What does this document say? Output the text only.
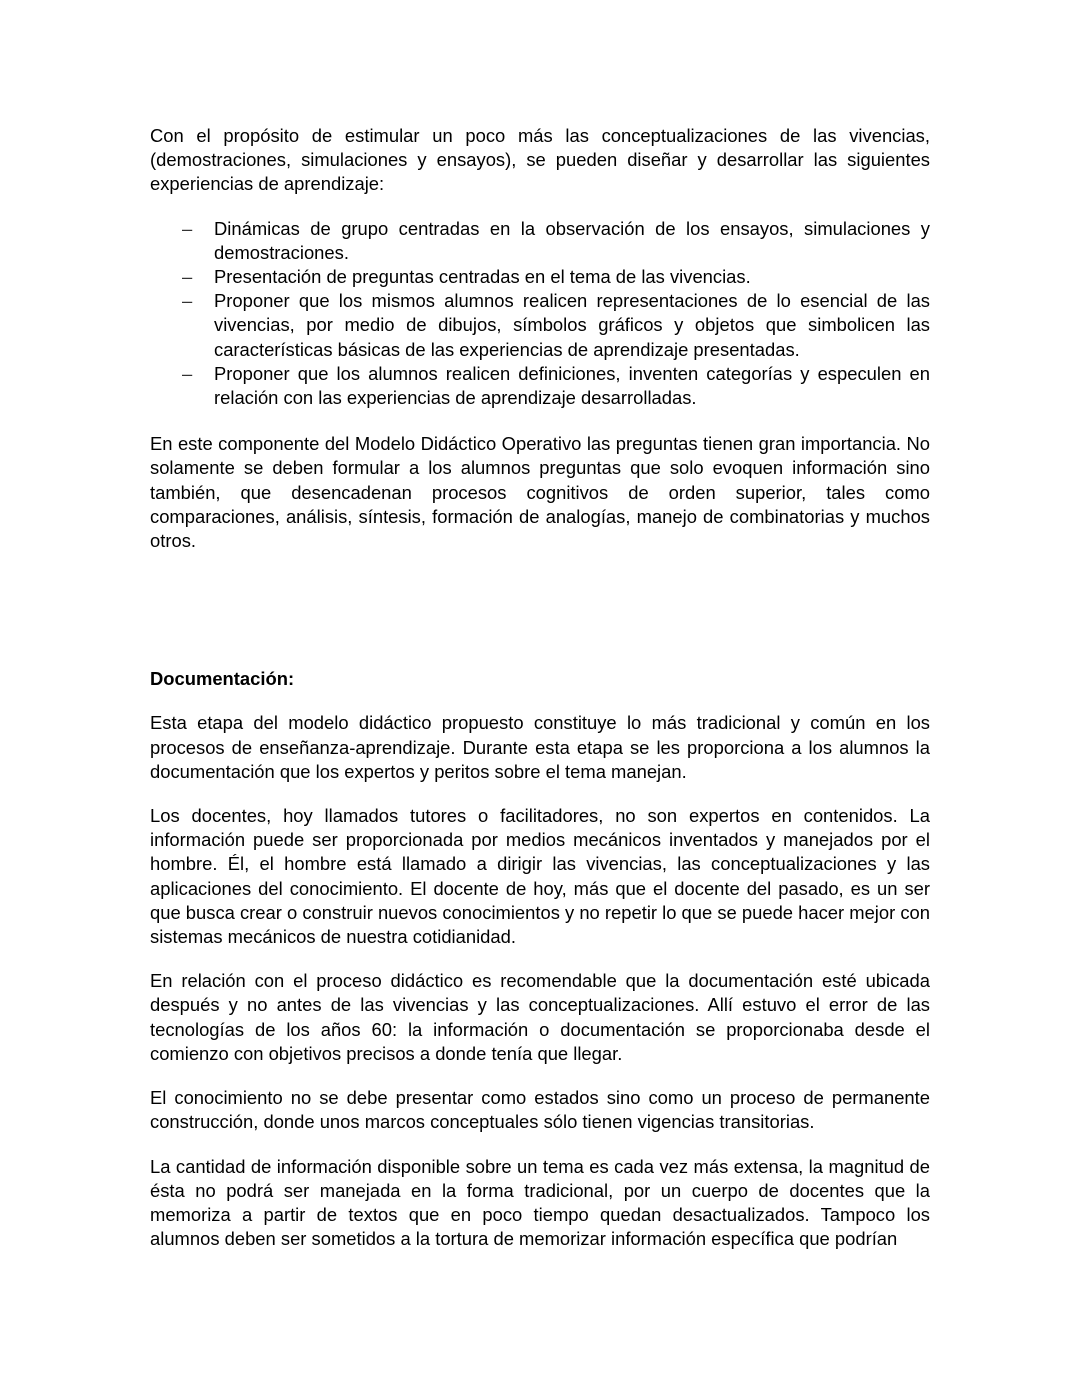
Con el propósito de estimular un poco más las conceptualizaciones de las vivencias, (demostraciones, simulaciones y ensayos), se pueden diseñar y desarrollar las siguientes experiencias de aprendizaje:

– Dinámicas de grupo centradas en la observación de los ensayos, simulaciones y demostraciones.
– Presentación de preguntas centradas en el tema de las vivencias.
– Proponer que los mismos alumnos realicen representaciones de lo esencial de las vivencias, por medio de dibujos, símbolos gráficos y objetos que simbolicen las características básicas de las experiencias de aprendizaje presentadas.
– Proponer que los alumnos realicen definiciones, inventen categorías y especulen en relación con las experiencias de aprendizaje desarrolladas.

En este componente del Modelo Didáctico Operativo las preguntas tienen gran importancia. No solamente se deben formular a los alumnos preguntas que solo evoquen información sino también, que desencadenan procesos cognitivos de orden superior, tales como comparaciones, análisis, síntesis, formación de analogías, manejo de combinatorias y muchos otros.

Documentación:

Esta etapa del modelo didáctico propuesto constituye lo más tradicional y común en los procesos de enseñanza-aprendizaje. Durante esta etapa se les proporciona a los alumnos la documentación que los expertos y peritos sobre el tema manejan.

Los docentes, hoy llamados tutores o facilitadores, no son expertos en contenidos. La información puede ser proporcionada por medios mecánicos inventados y manejados por el hombre. Él, el hombre está llamado a dirigir las vivencias, las conceptualizaciones y las aplicaciones del conocimiento. El docente de hoy, más que el docente del pasado, es un ser que busca crear o construir nuevos conocimientos y no repetir lo que se puede hacer mejor con sistemas mecánicos de nuestra cotidianidad.

En relación con el proceso didáctico es recomendable que la documentación esté ubicada después y no antes de las vivencias y las conceptualizaciones. Allí estuvo el error de las tecnologías de los años 60: la información o documentación se proporcionaba desde el comienzo con objetivos precisos a donde tenía que llegar.

El conocimiento no se debe presentar como estados sino como un proceso de permanente construcción, donde unos marcos conceptuales sólo tienen vigencias transitorias.

La cantidad de información disponible sobre un tema es cada vez más extensa, la magnitud de ésta no podrá ser manejada en la forma tradicional, por un cuerpo de docentes que la memoriza a partir de textos que en poco tiempo quedan desactualizados. Tampoco los alumnos deben ser sometidos a la tortura de memorizar información específica que podrían
